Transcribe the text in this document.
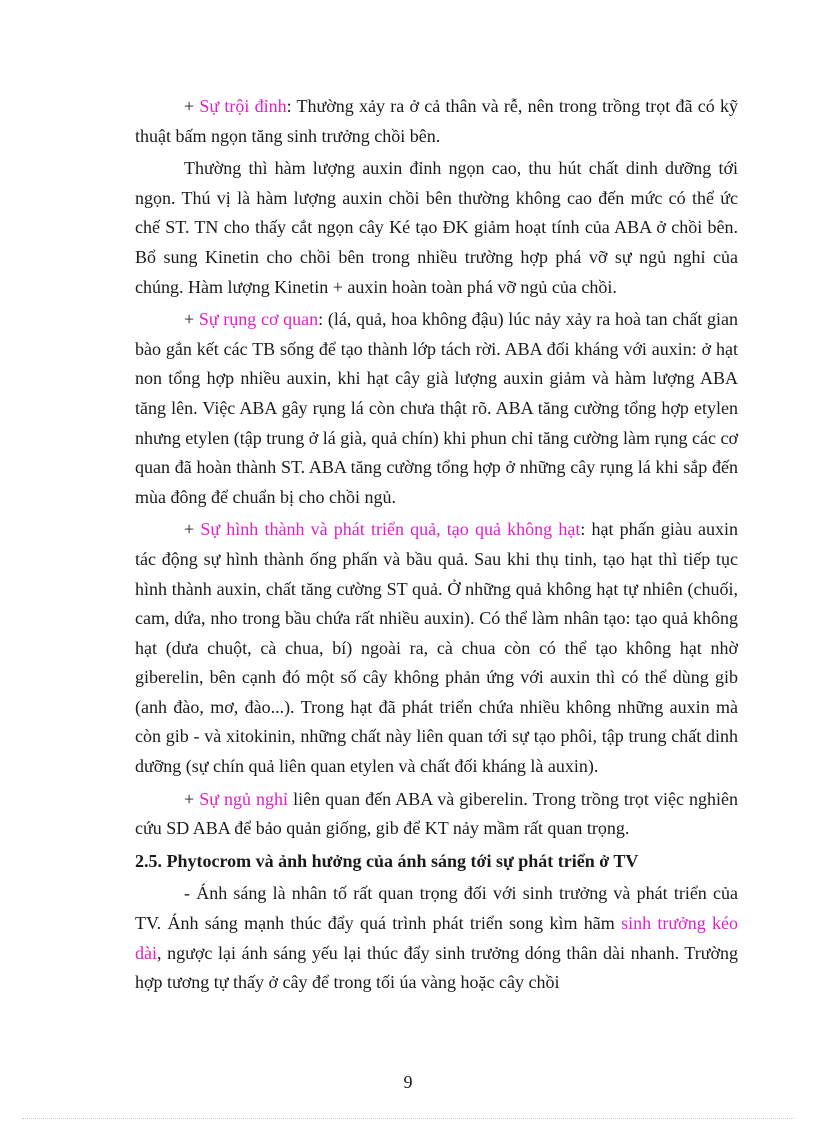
+ Sự trội đỉnh: Thường xảy ra ở cả thân và rễ, nên trong trồng trọt đã có kỹ thuật bấm ngọn tăng sinh trưởng chồi bên.

Thường thì hàm lượng auxin đỉnh ngọn cao, thu hút chất dinh dưỡng tới ngọn. Thú vị là hàm lượng auxin chồi bên thường không cao đến mức có thể ức chế ST. TN cho thấy cắt ngọn cây Ké tạo ĐK giảm hoạt tính của ABA ở chồi bên. Bổ sung Kinetin cho chồi bên trong nhiều trường hợp phá vỡ sự ngủ nghỉ của chúng. Hàm lượng Kinetin + auxin hoàn toàn phá vỡ ngủ của chồi.

+ Sự rụng cơ quan: (lá, quả, hoa không đậu) lúc nảy xảy ra hoà tan chất gian bào gắn kết các TB sống để tạo thành lớp tách rời. ABA đối kháng với auxin: ở hạt non tổng hợp nhiều auxin, khi hạt cây già lượng auxin giảm và hàm lượng ABA tăng lên. Việc ABA gây rụng lá còn chưa thật rõ. ABA tăng cường tổng hợp etylen nhưng etylen (tập trung ở lá già, quả chín) khi phun chỉ tăng cường làm rụng các cơ quan đã hoàn thành ST. ABA tăng cường tổng hợp ở những cây rụng lá khi sắp đến mùa đông để chuẩn bị cho chồi ngủ.

+ Sự hình thành và phát triển quả, tạo quả không hạt: hạt phấn giàu auxin tác động sự hình thành ống phấn và bầu quả. Sau khi thụ tinh, tạo hạt thì tiếp tục hình thành auxin, chất tăng cường ST quả. Ở những quả không hạt tự nhiên (chuối, cam, dứa, nho trong bầu chứa rất nhiều auxin). Có thể làm nhân tạo: tạo quả không hạt (dưa chuột, cà chua, bí) ngoài ra, cà chua còn có thể tạo không hạt nhờ giberelin, bên cạnh đó một số cây không phản ứng với auxin thì có thể dùng gib (anh đào, mơ, đào...). Trong hạt đã phát triển chứa nhiều không những auxin mà còn gib - và xitokinin, những chất này liên quan tới sự tạo phôi, tập trung chất dinh dưỡng (sự chín quả liên quan etylen và chất đối kháng là auxin).

+ Sự ngủ nghỉ liên quan đến ABA và giberelin. Trong trồng trọt việc nghiên cứu SD ABA để bảo quản giống, gib để KT nảy mầm rất quan trọng.

2.5. Phytocrom và ảnh hưởng của ánh sáng tới sự phát triển ở TV

- Ánh sáng là nhân tố rất quan trọng đối với sinh trưởng và phát triển của TV. Ánh sáng mạnh thúc đẩy quá trình phát triển song kìm hãm sinh trưởng kéo dài, ngược lại ánh sáng yếu lại thúc đẩy sinh trưởng dóng thân dài nhanh. Trường hợp tương tự thấy ở cây để trong tối úa vàng hoặc cây chồi

9
